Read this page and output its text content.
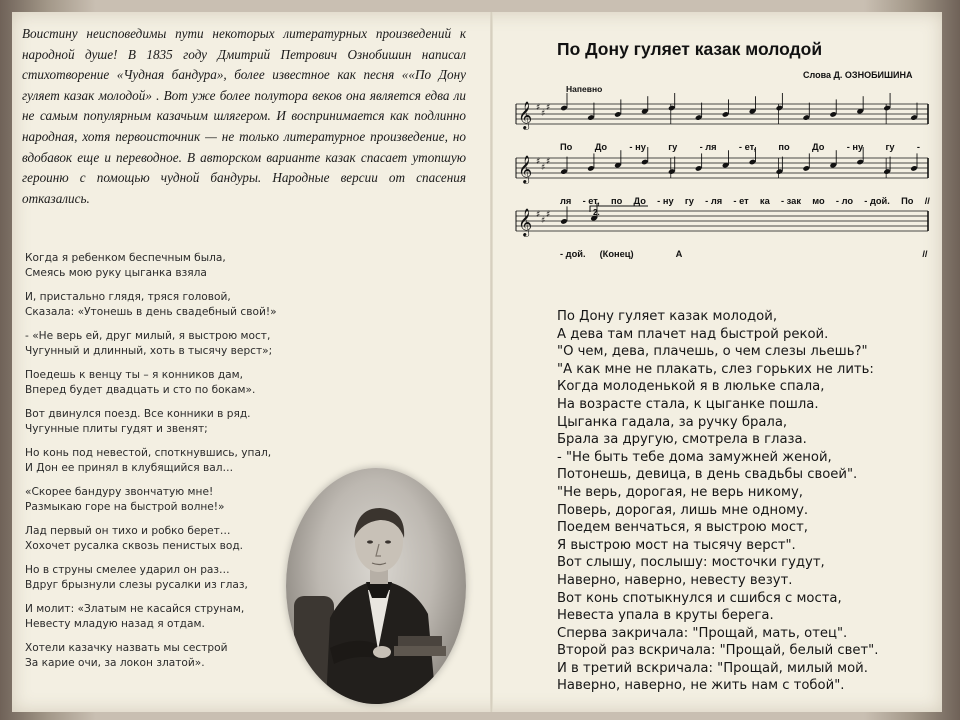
Воистину неисповедимы пути некоторых литературных произведений к народной душе! В 1835 году Дмитрий Петрович Ознобишин написал стихотворение «Чудная бандура», более известное как песня ««По Дону гуляет казак молодой» . Вот уже более полутора веков она является едва ли не самым популярным казачьим шлягером. И воспринимается как подлинно народная, хотя первоисточник — не только литературное произведение, но вдобавок еще и переводное. В авторском варианте казак спасает утопшую героиню с помощью чудной бандуры. Народные версии от спасения отказались.
Когда я ребенком беспечным была,
Смеясь мою руку цыганка взяла
И, пристально глядя, тряся головой,
Сказала: «Утонешь в день свадебный свой!»
- «Не верь ей, друг милый, я выстрою мост,
Чугунный и длинный, хоть в тысячу верст»;
Поедешь к венцу ты – я конников дам,
Вперед будет двадцать и сто по бокам».
Вот двинулся поезд. Все конники в ряд.
Чугунные плиты гудят и звенят;
Но конь под невестой, споткнувшись, упал,
И Дон ее принял в клубящийся вал…
«Скорее бандуру звончатую мне!
Размыкаю горе на быстрой волне!»
Лад первый он тихо и робко берет…
Хохочет русалка сквозь пенистых вод.
Но в струны смелее ударил он раз…
Вдруг брызнули слезы русалки из глаз,
И молит: «Златым не касайся струнам,
Невесту младую назад я отдам.
Хотели казачку назвать мы сестрой
За карие очи, за локон златой».
По Дону гуляет казак молодой
Слова Д. ОЗНОБИШИНА
Напевно
𝄞 ♯
♯
♯
𝄞 ♯
♯
♯
𝄞 ♯
♯
♯	2.
По До - ну гу - ля - ет, по До - ну гу -
ля - ет, по До - ну гу - ля - ет ка - зак мо - ло - дой. По //
- дой. (Конец)	А	//
По Дону гуляет казак молодой,
А дева там плачет над быстрой рекой.
"О чем, дева, плачешь, о чем слезы льешь?"
"А как мне не плакать, слез горьких не лить:
Когда молоденькой я в люльке спала,
На возрасте стала, к цыганке пошла.
Цыганка гадала, за ручку брала,
Брала за другую, смотрела в глаза.
- "Не быть тебе дома замужней женой,
Потонешь, девица, в день свадьбы своей".
"Не верь, дорогая, не верь никому,
Поверь, дорогая, лишь мне одному.
Поедем венчаться, я выстрою мост,
Я выстрою мост на тысячу верст".
Вот слышу, послышу: мосточки гудут,
Наверно, наверно, невесту везут.
Вот конь спотыкнулся и сшибся с моста,
Невеста упала в круты берега.
Сперва закричала: "Прощай, мать, отец".
Второй раз вскричала: "Прощай, белый свет".
И в третий вскричала: "Прощай, милый мой.
Наверно, наверно, не жить нам с тобой".
